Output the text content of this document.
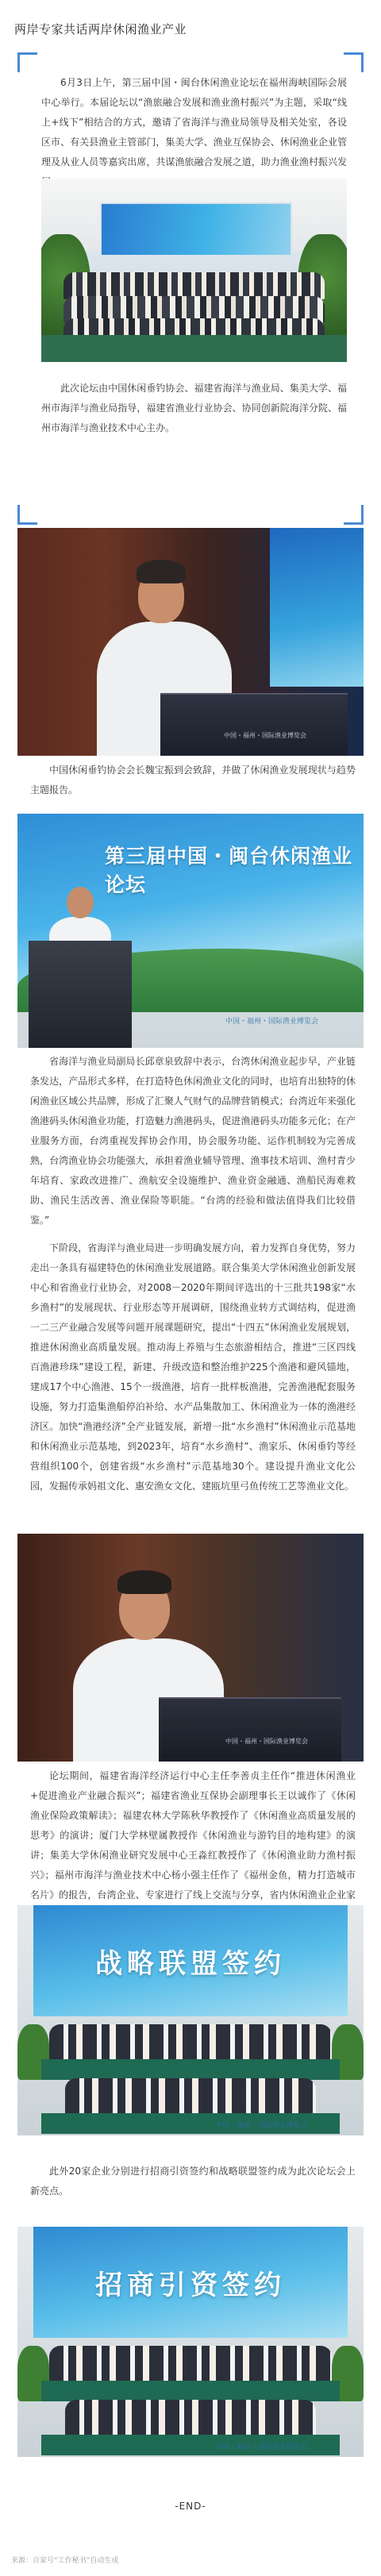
两岸专家共话两岸休闲渔业产业

6月3日上午，第三届中国・闽台休闲渔业论坛在福州海峡国际会展中心举行。本届论坛以“渔旅融合发展和渔业渔村振兴”为主题，采取“线上+线下”相结合的方式，邀请了省海洋与渔业局领导及相关处室，各设区市、有关县渔业主管部门，集美大学、渔业互保协会、休闲渔业企业管理及从业人员等嘉宾出席，共谋渔旅融合发展之道，助力渔业渔村振兴发

此次论坛由中国休闲垂钓协会、福建省海洋与渔业局、集美大学、福州市海洋与渔业局指导，福建省渔业行业协会、协同创新院海洋分院、福州市海洋与渔业技术中心主办。

中国・福州・国际渔业博览会

中国休闲垂钓协会会长魏宝振到会致辞，并做了休闲渔业发展现状与趋势主题报告。

第三届中国・闽台休闲渔业论坛
中国・福州・国际渔业博览会

省海洋与渔业局副局长邱章泉致辞中表示，台湾休闲渔业起步早，产业链条发达，产品形式多样，在打造特色休闲渔业文化的同时，也培育出独特的休闲渔业区域公共品牌，形成了汇聚人气财气的品牌营销模式；台湾近年来强化渔港码头休闲渔业功能，打造魅力渔港码头，促进渔港码头功能多元化；在产业服务方面，台湾重视发挥协会作用，协会服务功能、运作机制较为完善成熟，台湾渔业协会功能强大，承担着渔业辅导管理、渔事技术培训、渔村青少年培育、家政改进推广、渔航安全设施维护、渔业资金融通、渔船民海难救助、渔民生活改善、渔业保险等职能。“台湾的经验和做法值得我们比较借鉴。”

下阶段，省海洋与渔业局进一步明确发展方向，着力发挥自身优势，努力走出一条具有福建特色的休闲渔业发展道路。联合集美大学休闲渔业创新发展中心和省渔业行业协会，对2008－2020年期间评选出的十三批共198家“水乡渔村”的发展现状、行业形态等开展调研，围绕渔业转方式调结构，促进渔一二三产业融合发展等问题开展课题研究，提出“十四五”休闲渔业发展规划，推进休闲渔业高质量发展。推动海上养殖与生态旅游相结合，推进“三区四线百渔港珍珠”建设工程，新建、升级改造和整治维护225个渔港和避风锚地，建成17个中心渔港、15个一级渔港，培育一批样板渔港，完善渔港配套服务设施，努力打造集渔船停泊补给、水产品集散加工、休闲渔业为一体的渔港经济区。加快“渔港经济”全产业链发展，新增一批“水乡渔村”休闲渔业示范基地和休闲渔业示范基地，到2023年，培育“水乡渔村”、渔家乐、休闲垂钓等经营组织100个，创建省级“水乡渔村”示范基地30个。建设提升渔业文化公园，发掘传承妈祖文化、惠安渔女文化、建瓯坑里弓鱼传统工艺等渔业文化。

中国・福州・国际渔业博览会

论坛期间，福建省海洋经济运行中心主任李善贞主任作“推进休闲渔业+促进渔业产业融合振兴”；福建省渔业互保协会副理事长王以诚作了《休闲渔业保险政策解读》；福建农林大学陈秋华教授作了《休闲渔业高质量发展的思考》的演讲；厦门大学林壁属教授作《休闲渔业与游钓目的地构建》的演讲；集美大学休闲渔业研究发展中心王淼红教授作了《休闲渔业助力渔村振兴》；福州市海洋与渔业技术中心杨小强主任作了《福州金鱼，精力打造城市名片》的报告，台湾企业、专家进行了线上交流与分享，省内休闲渔业企业家

战略联盟签约
中国・福州・国际渔业博览会

此外20家企业分别进行招商引资签约和战略联盟签约成为此次论坛会上新亮点。

招商引资签约
中国・福州・国际渔业博览会
-END-
来源：百家号“工作秘书”自动生成
